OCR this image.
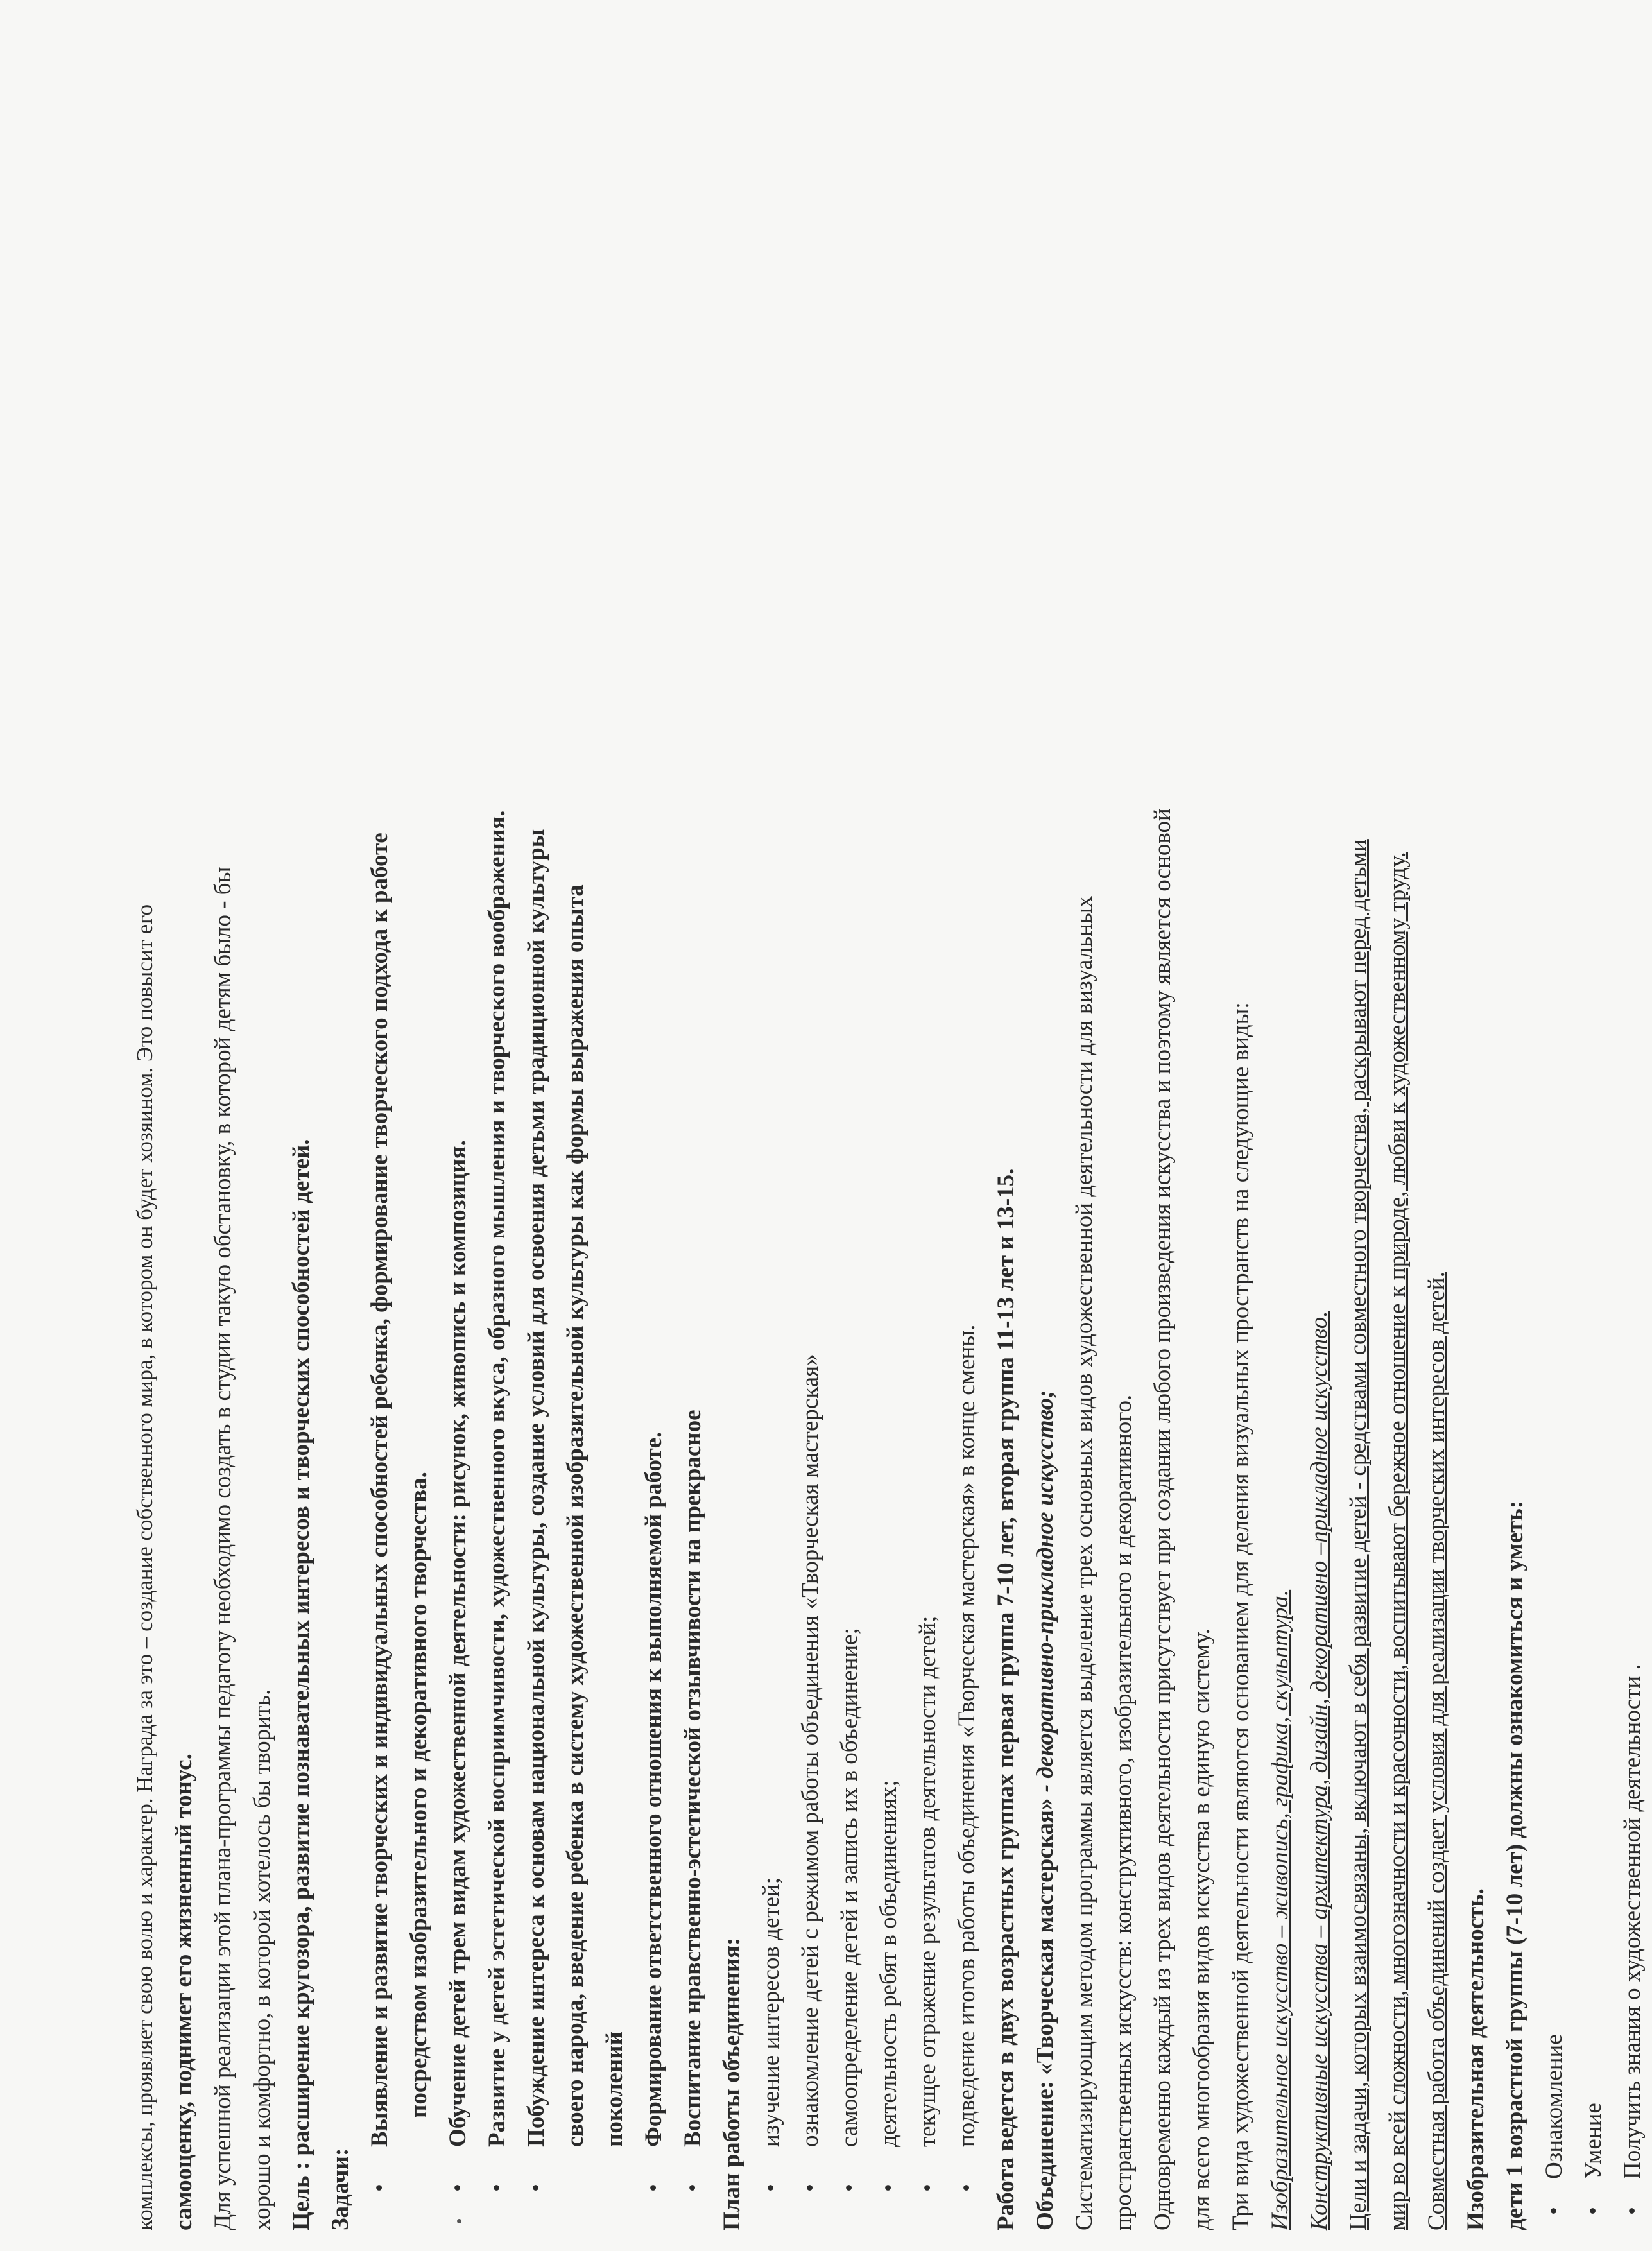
комплексы, проявляет свою волю и характер. Награда за это – создание собственного мира, в котором он будет хозяином. Это повысит его самооценку, поднимет его жизненный тонус. Для успешной реализации этой плана-программы педагогу необходимо создать в студии такую обстановку, в которой детям было - бы хорошо и комфортно, в которой хотелось бы творить. Цель : расширение кругозора, развитие познавательных интересов и творческих способностей детей. Задачи:

• Выявление и развитие творческих и индивидуальных способностей ребенка, формирование творческого подхода к работе посредством изобразительного и декоративного творчества. • Обучение детей трем видам художественной деятельности: рисунок, живопись и композиция. • Развитие у детей эстетической восприимчивости, художественного вкуса, образного мышления и творческого воображения. • Побуждение интереса к основам национальной культуры, создание условий для освоения детьми традиционной культуры своего народа, введение ребенка в систему художественной изобразительной культуры как формы выражения опыта поколений • Формирование ответственного отношения к выполняемой работе. • Воспитание нравственно-эстетической отзывчивости на прекрасное План работы объединения: • изучение интересов детей; • ознакомление детей с режимом работы объединения «Творческая мастерская» • самоопределение детей и запись их в объединение; • деятельность ребят в объединениях; • текущее отражение результатов деятельности детей; • подведение итогов работы объединения «Творческая мастерская» в конце смены. Работа ведется в двух возрастных группах первая группа 7-10 лет, вторая группа 11-13 лет и 13-15. Объединение: «Творческая мастерская» - декоративно-прикладное искусство; Систематизирующим методом программы является выделение трех основных видов художественной деятельности для визуальных пространственных искусств: конструктивного, изобразительного и декоративного. Одновременно каждый из трех видов деятельности присутствует при создании любого произведения искусства и поэтому является основой для всего многообразия видов искусства в единую систему. Три вида художественной деятельности являются основанием для деления визуальных пространств на следующие виды: Изобразительное искусство – живопись, графика, скульптура. Конструктивные искусства – архитектура, дизайн, декоративно –прикладное искусство. Цели и задачи, которых взаимосвязаны, включают в себя развитие детей - средствами совместного творчества, раскрывают перед детьми мир во всей сложности, многозначности и красочности, воспитывают бережное отношение к природе, любви к художественному труду. Совместная работа объединений создает условия для реализации творческих интересов детей. Изобразительная деятельность. дети 1 возрастной группы (7-10 лет) должны ознакомиться и уметь: • Ознакомление • Умение • Получить знания о художественной деятельности .
